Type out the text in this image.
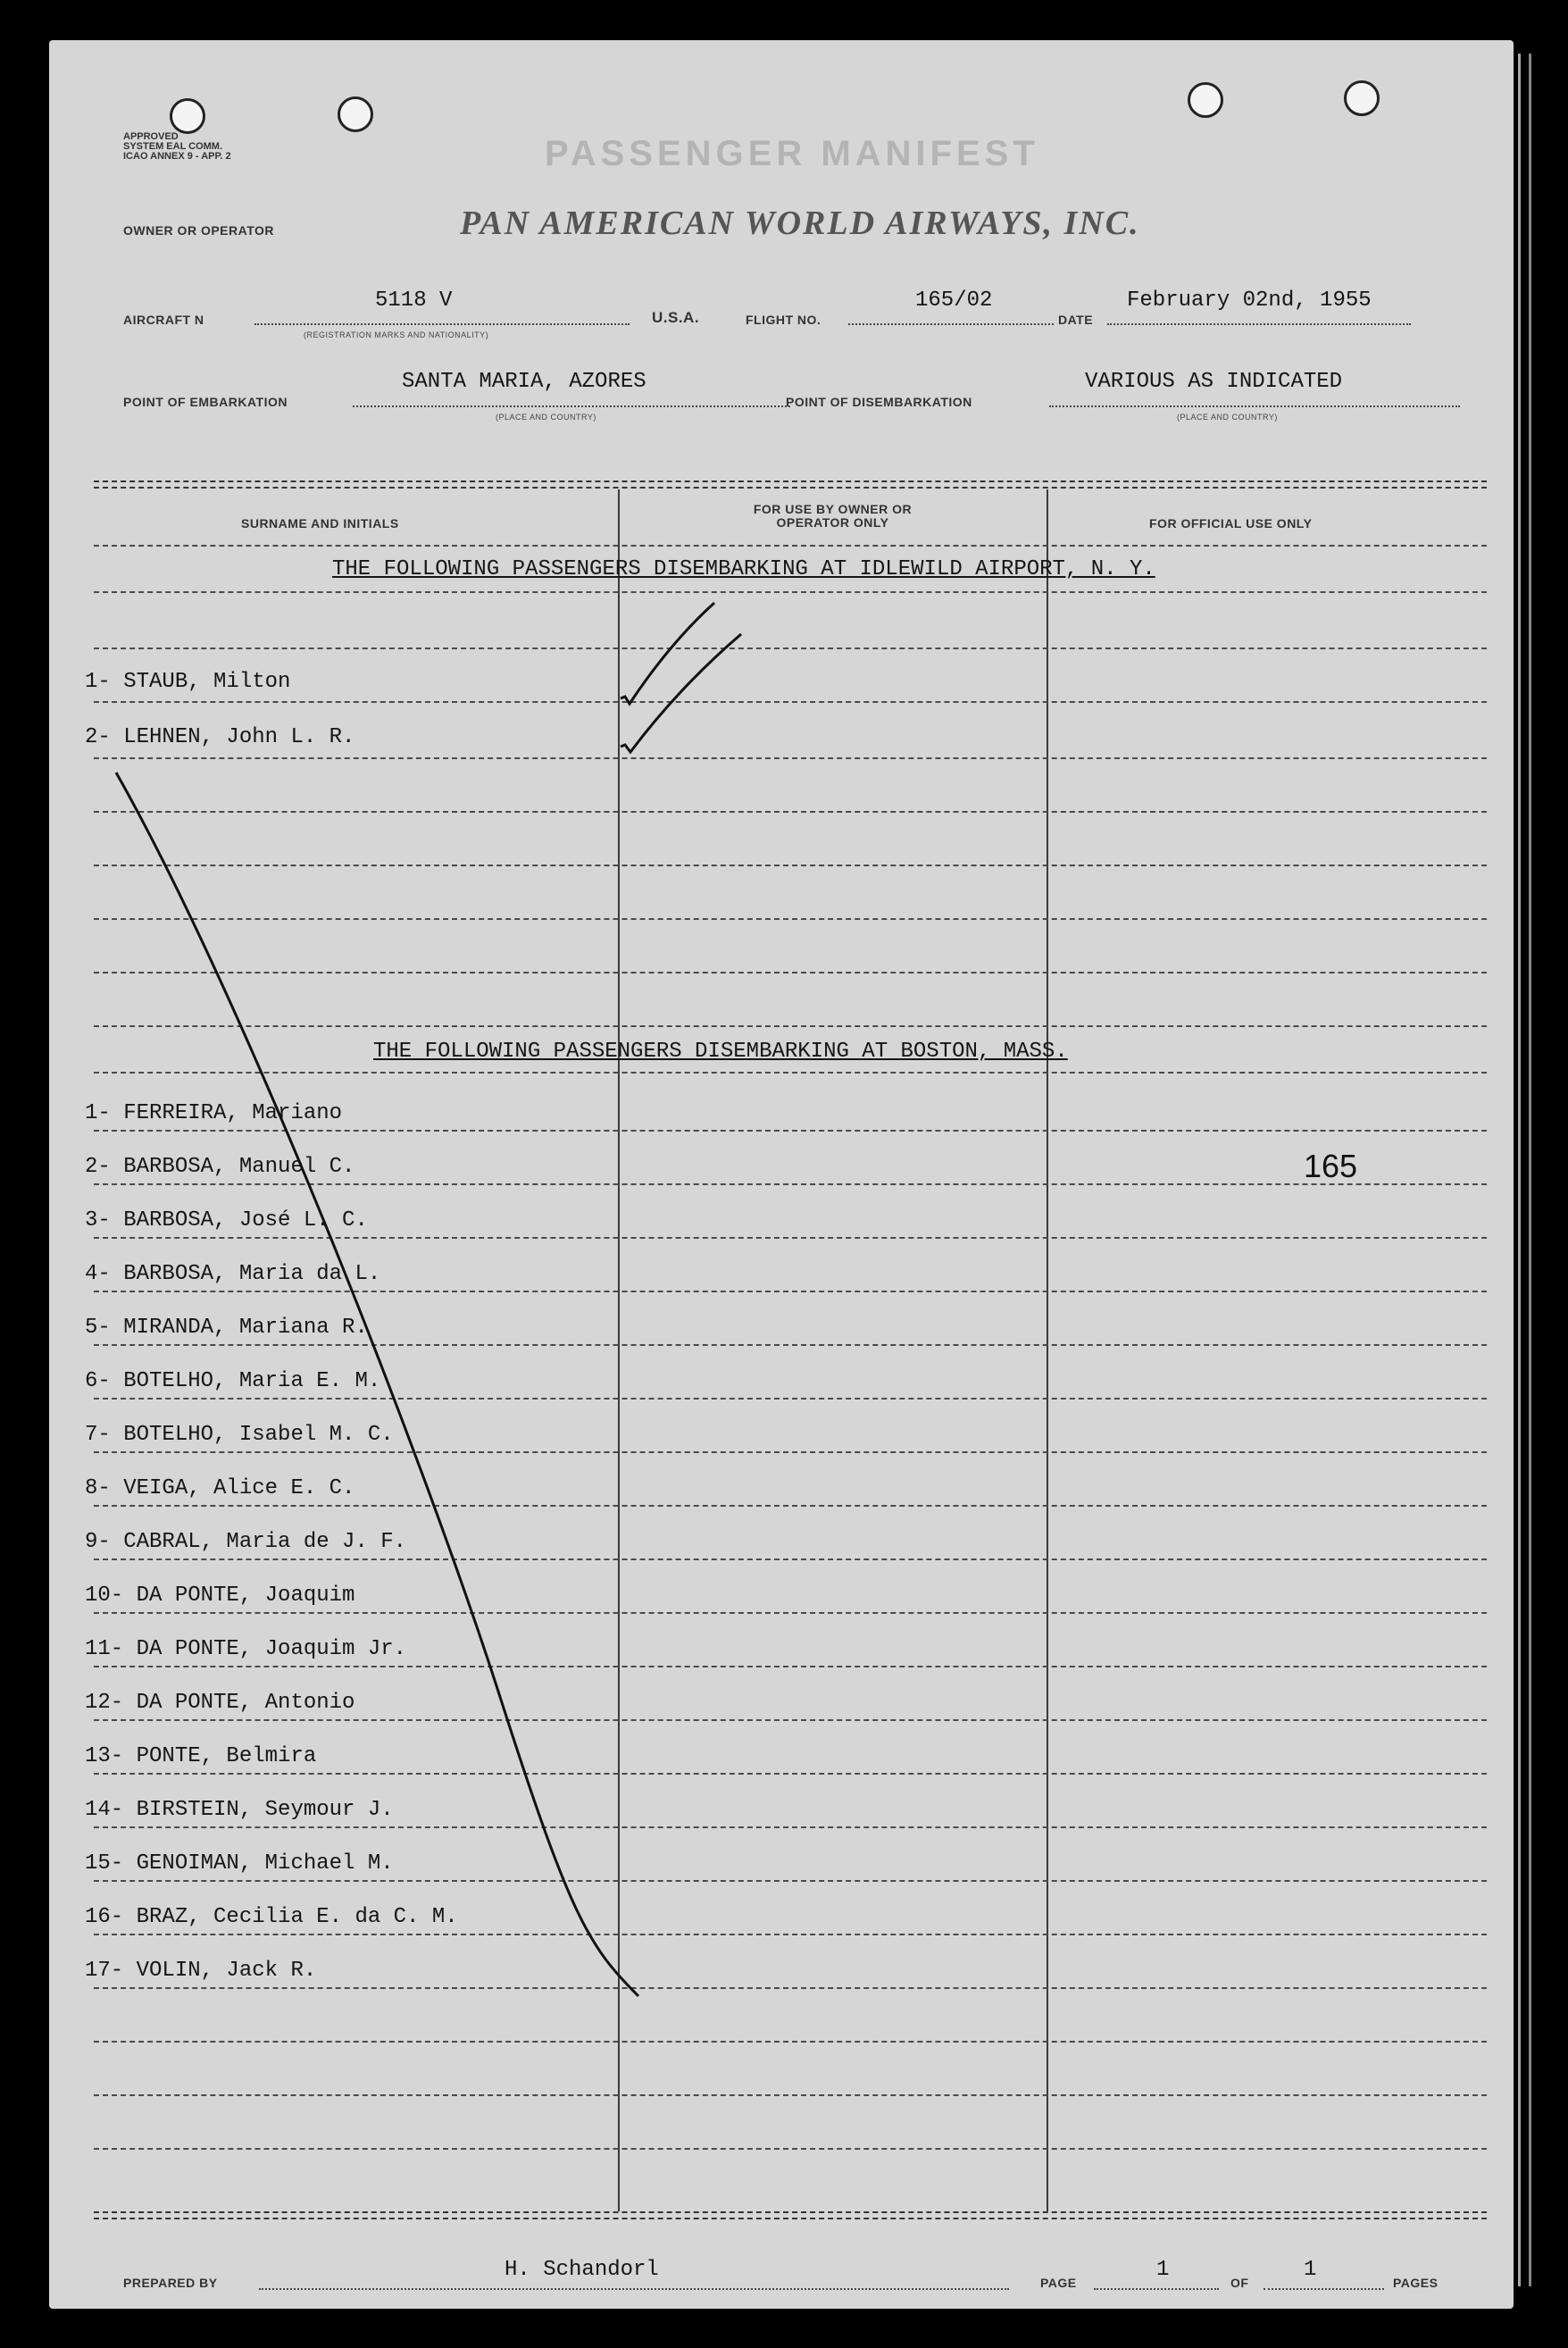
APPROVED
SYSTEM EAL COMM.
ICAO ANNEX 9 - APP. 2	PASSENGER MANIFEST
OWNER OR OPERATOR	PAN AMERICAN WORLD AIRWAYS, INC.
AIRCRAFT N
5118 V
(REGISTRATION MARKS AND NATIONALITY)
U.S.A.	FLIGHT NO.
165/02
DATE
February 02nd, 1955
POINT OF EMBARKATION
SANTA MARIA, AZORES
(PLACE AND COUNTRY)
POINT OF DISEMBARKATION
VARIOUS AS INDICATED
(PLACE AND COUNTRY)
SURNAME AND INITIALS
FOR USE BY OWNER OR OPERATOR ONLY	FOR OFFICIAL USE ONLY
THE FOLLOWING PASSENGERS DISEMBARKING AT IDLEWILD AIRPORT, N. Y.
1- STAUB, Milton
2- LEHNEN, John L. R.
THE FOLLOWING PASSENGERS DISEMBARKING AT BOSTON, MASS.
1- FERREIRA, Mariano
2- BARBOSA, Manuel C.
3- BARBOSA, José L. C.
4- BARBOSA, Maria da L.
5- MIRANDA, Mariana R.
6- BOTELHO, Maria E. M.
7- BOTELHO, Isabel M. C.
8- VEIGA, Alice E. C.
9- CABRAL, Maria de J. F.
10- DA PONTE, Joaquim
11- DA PONTE, Joaquim Jr.
12- DA PONTE, Antonio
13- PONTE, Belmira
14- BIRSTEIN, Seymour J.
15- GENOIMAN, Michael M.
16- BRAZ, Cecilia E. da C. M.
17- VOLIN, Jack R.
165
PREPARED BY
H. Schandorl
PAGE
1
OF
1
PAGES
